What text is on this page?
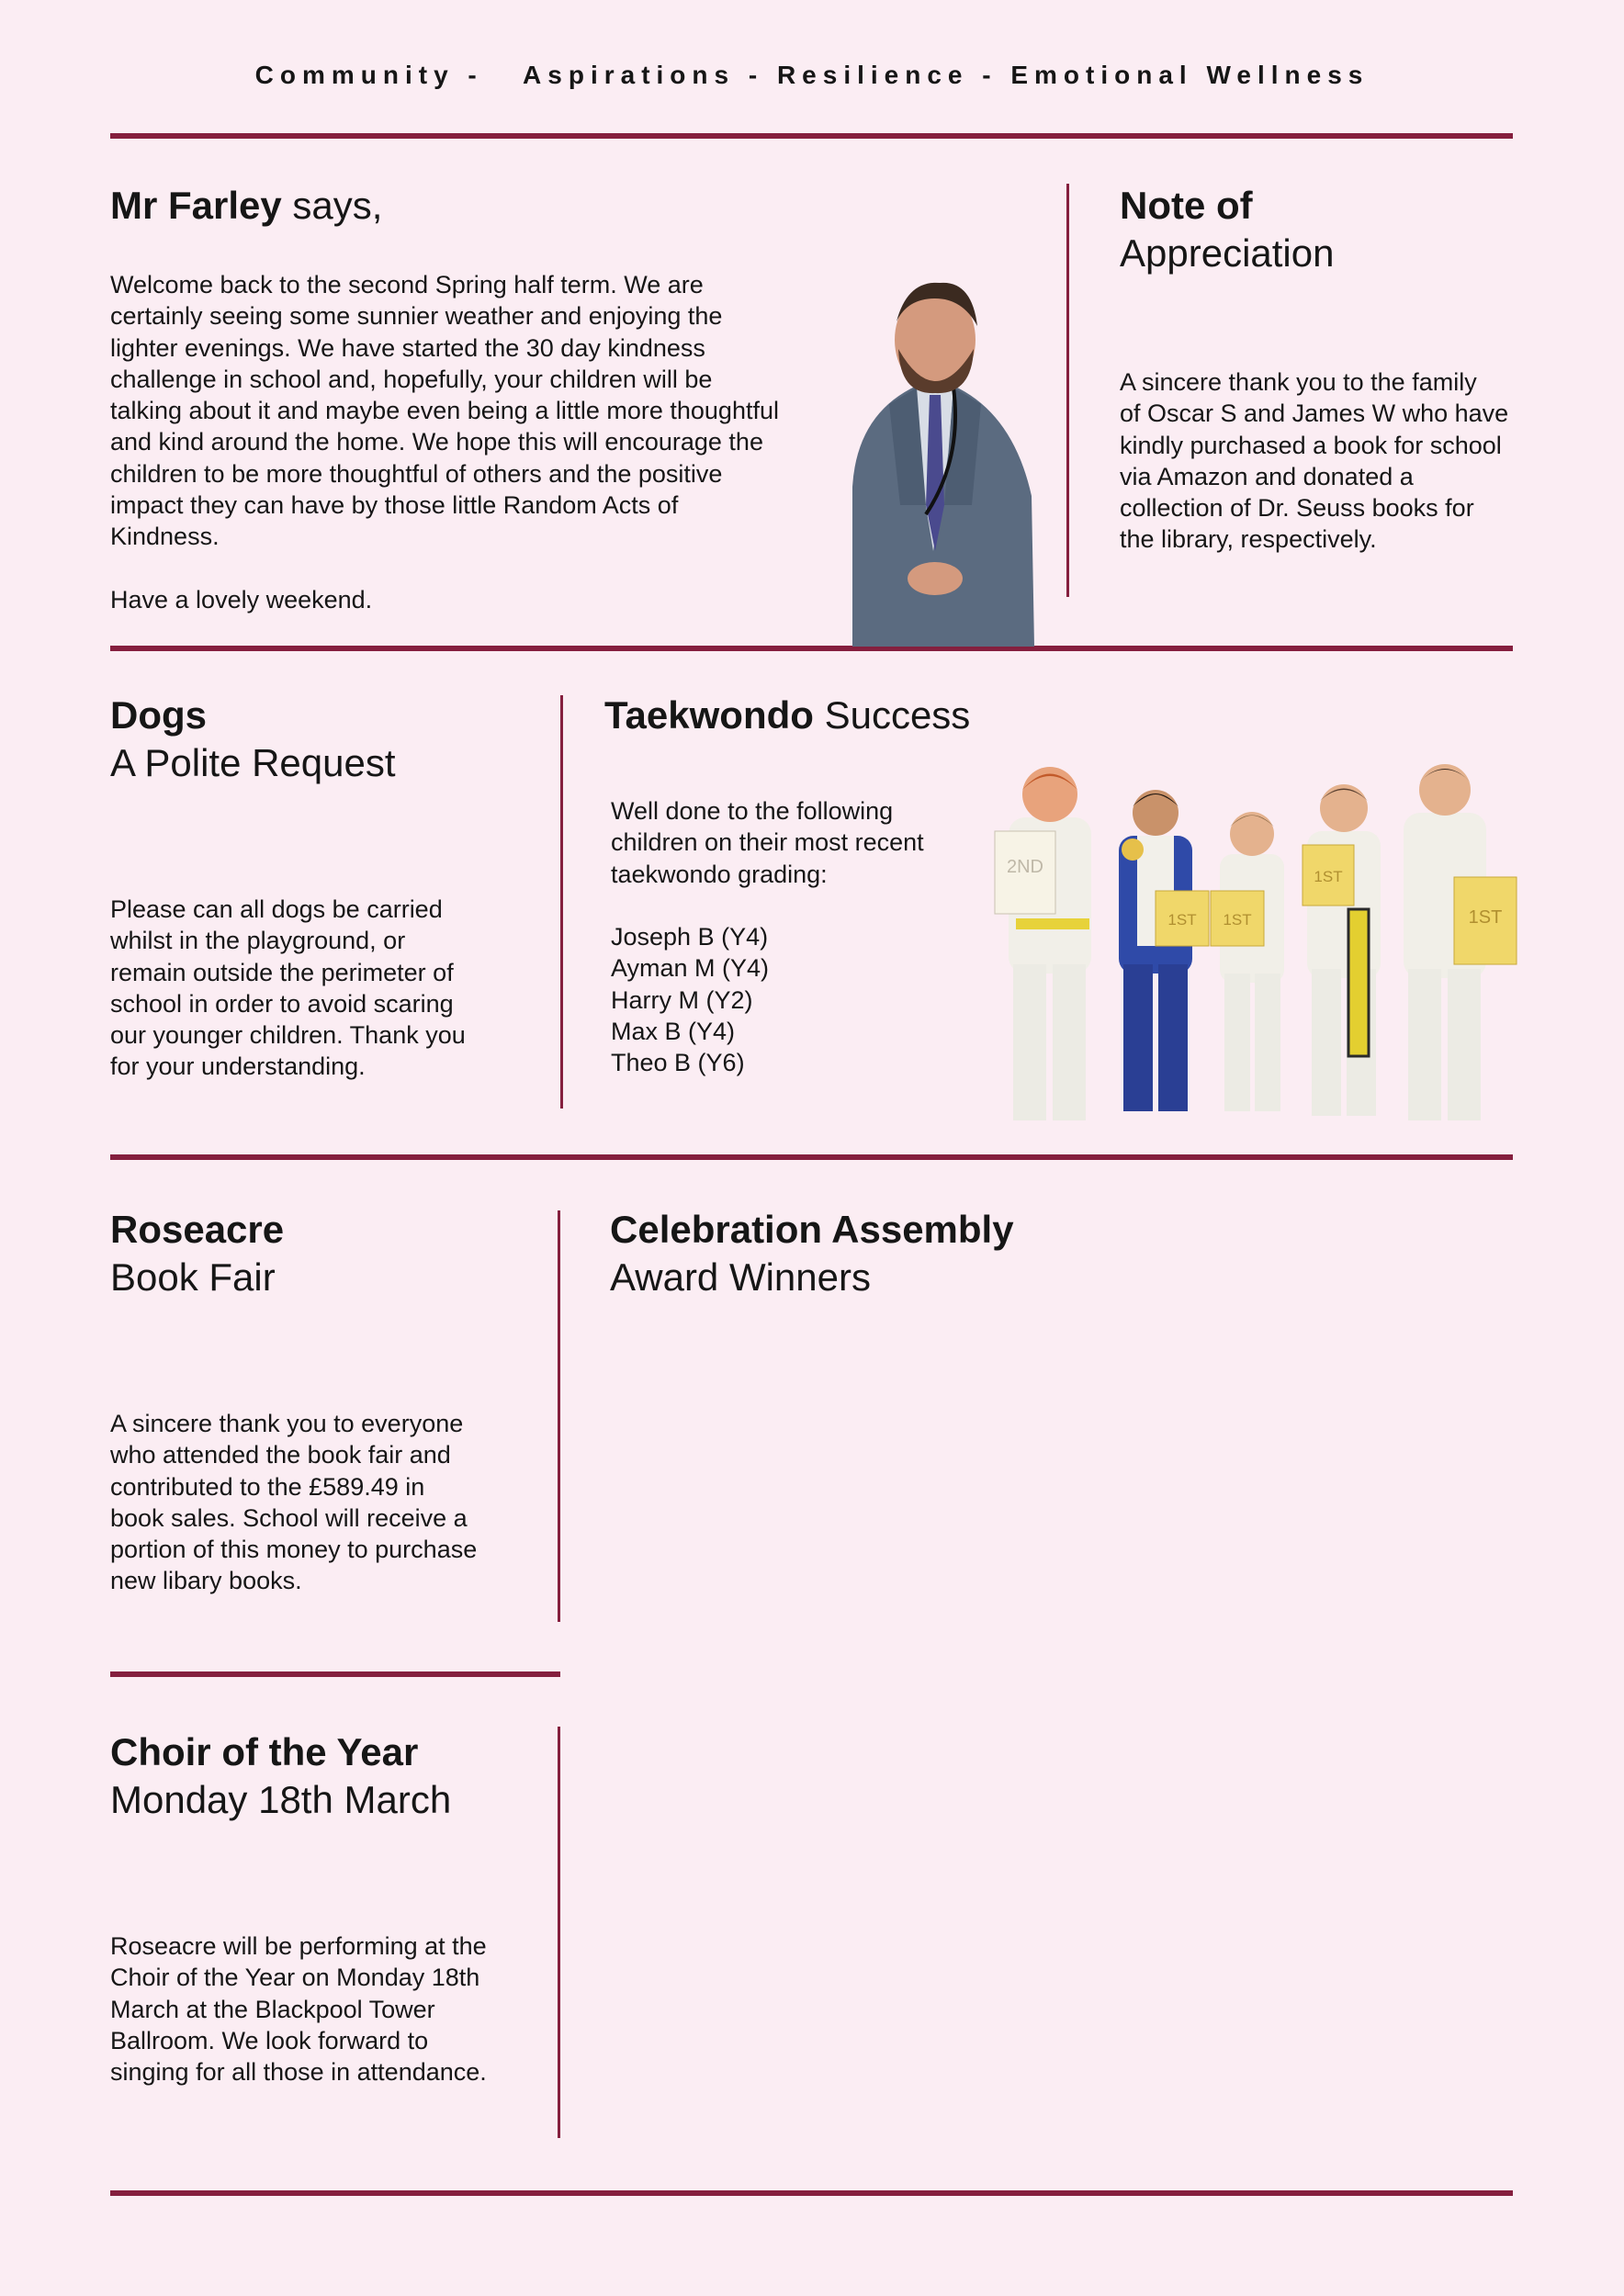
Community -   Aspirations - Resilience - Emotional Wellness
Mr Farley says,

Welcome back to the second Spring half term. We are
certainly seeing some sunnier weather and enjoying the
lighter evenings. We have started the 30 day kindness
challenge in school and, hopefully, your children will be
talking about it and maybe even being a little more thoughtful
and kind around the home. We hope this will encourage the
children to be more thoughtful of others and the positive
impact they can have by those little Random Acts of
Kindness.

Have a lovely weekend.

Note of
Appreciation

A sincere thank you to the family
of Oscar S and James W who have
kindly purchased a book for school
via Amazon and donated a
collection of Dr. Seuss books for
the library, respectively.

Dogs
A Polite Request

Please can all dogs be carried
whilst in the playground, or
remain outside the perimeter of
school in order to avoid scaring
our younger children. Thank you
for your understanding.

Taekwondo Success

Well done to the following
children on their most recent
taekwondo grading:

Joseph B (Y4)
Ayman M (Y4)
Harry M (Y2)
Max B (Y4)
Theo B (Y6)

2ND
1ST 1ST
1ST
1ST
Roseacre
Book Fair

A sincere thank you to everyone
who attended the book fair and
contributed to the £589.49 in
book sales. School will receive a
portion of this money to purchase
new libary books.

Celebration Assembly
Award Winners
Choir of the Year
Monday 18th March

Roseacre will be performing at the
Choir of the Year on Monday 18th
March at the Blackpool Tower
Ballroom. We look forward to
singing for all those in attendance.
